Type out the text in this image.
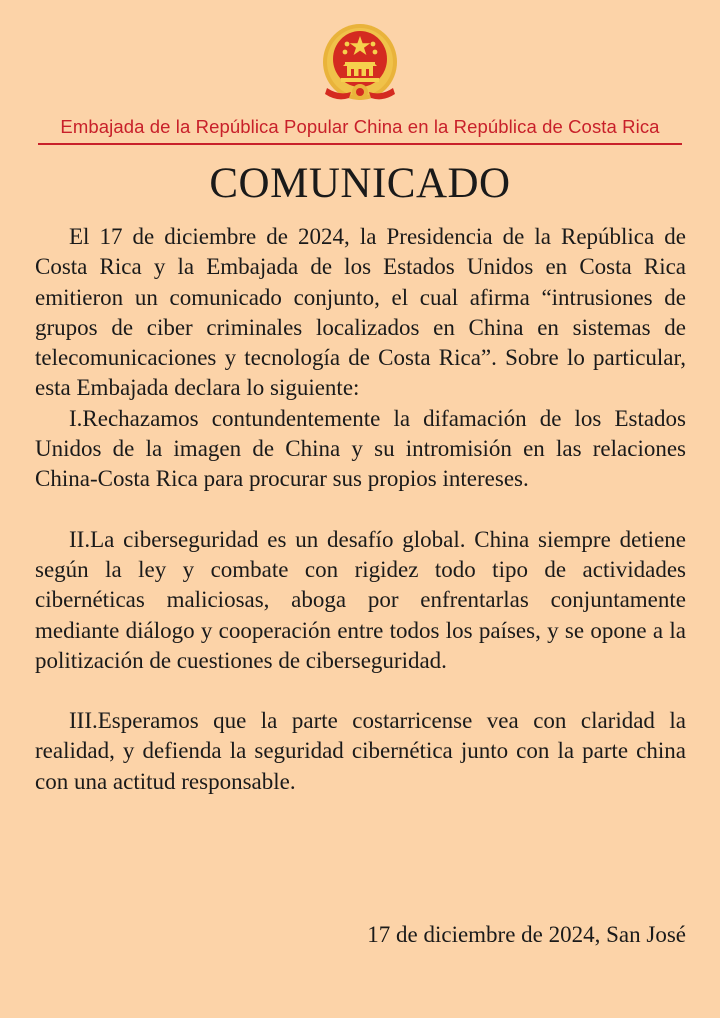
Embajada de la República Popular China en la República de Costa Rica
COMUNICADO

El 17 de diciembre de 2024, la Presidencia de la República de Costa Rica y la Embajada de los Estados Unidos en Costa Rica emitieron un comunicado conjunto, el cual afirma “intrusiones de grupos de ciber criminales localizados en China en sistemas de telecomunicaciones y tecnología de Costa Rica”. Sobre lo particular, esta Embajada declara lo siguiente:

I.Rechazamos contundentemente la difamación de los Estados Unidos de la imagen de China y su intromisión en las relaciones China-Costa Rica para procurar sus propios intereses.

II.La ciberseguridad es un desafío global. China siempre detiene según la ley y combate con rigidez todo tipo de actividades cibernéticas maliciosas, aboga por enfrentarlas conjuntamente mediante diálogo y cooperación entre todos los países, y se opone a la politización de cuestiones de ciberseguridad.

III.Esperamos que la parte costarricense vea con claridad la realidad, y defienda la seguridad cibernética junto con la parte china con una actitud responsable.

17 de diciembre de 2024, San José
